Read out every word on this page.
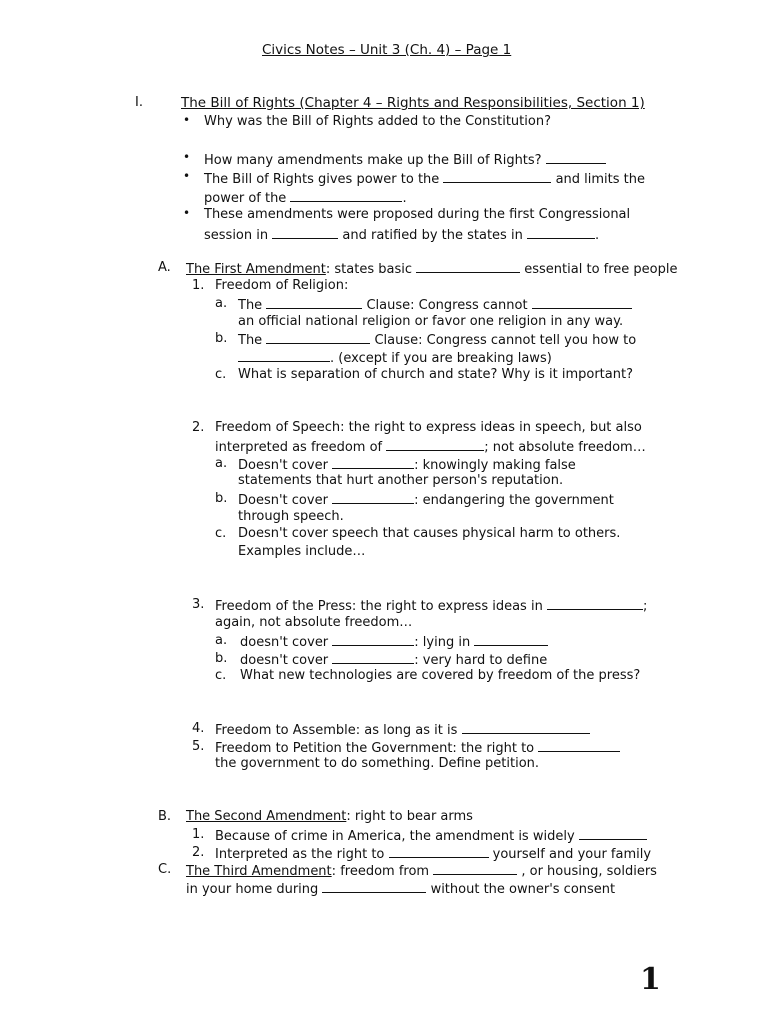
Civics Notes – Unit 3 (Ch. 4) – Page 1
I.	The Bill of Rights (Chapter 4 – Rights and Responsibilities, Section 1)
• Why was the Bill of Rights added to the Constitution?
• How many amendments make up the Bill of Rights?
• The Bill of Rights gives power to the	and limits the
power of the	.
• These amendments were proposed during the first Congressional
session in	and ratified by the states in	.
A. The First Amendment: states basic	essential to free people
1. Freedom of Religion:
a. The	Clause: Congress cannot
an official national religion or favor one religion in any way.
b. The	Clause: Congress cannot tell you how to
. (except if you are breaking laws)
c. What is separation of church and state? Why is it important?
2. Freedom of Speech: the right to express ideas in speech, but also
interpreted as freedom of	; not absolute freedom…
a. Doesn't cover	: knowingly making false
statements that hurt another person's reputation.
b. Doesn't cover	: endangering the government
through speech.
c. Doesn't cover speech that causes physical harm to others.
Examples include…
3. Freedom of the Press: the right to express ideas in	;
again, not absolute freedom…
a. doesn't cover	: lying in
b. doesn't cover	: very hard to define
c. What new technologies are covered by freedom of the press?
4. Freedom to Assemble: as long as it is
5. Freedom to Petition the Government: the right to
the government to do something. Define petition.
B. The Second Amendment: right to bear arms
1. Because of crime in America, the amendment is widely
2. Interpreted as the right to	yourself and your family
C. The Third Amendment: freedom from	, or housing, soldiers
in your home during	without the owner's consent
1
